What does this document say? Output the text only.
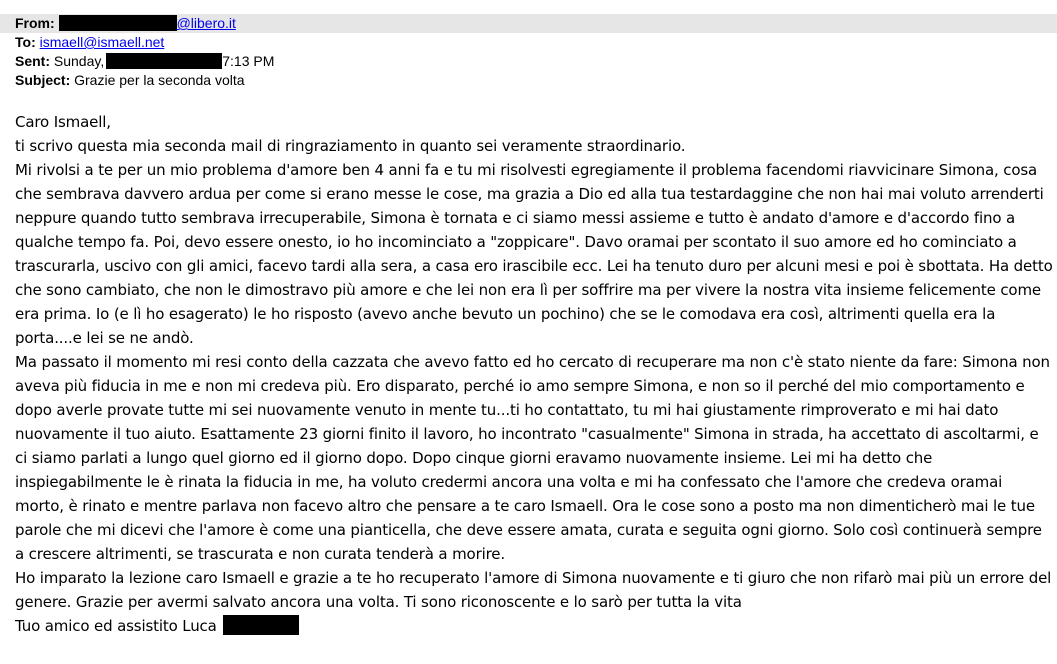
From:	@libero.it
To: ismaell@ismaell.net
Sent: Sunday,	7:13 PM
Subject: Grazie per la seconda volta

Caro Ismaell,

ti scrivo questa mia seconda mail di ringraziamento in quanto sei veramente straordinario.

Mi rivolsi a te per un mio problema d'amore ben 4 anni fa e tu mi risolvesti egregiamente il problema facendomi riavvicinare Simona, cosa che sembrava davvero ardua per come si erano messe le cose, ma grazia a Dio ed alla tua testardaggine che non hai mai voluto arrenderti neppure quando tutto sembrava irrecuperabile, Simona è tornata e ci siamo messi assieme e tutto è andato d'amore e d'accordo fino a qualche tempo fa. Poi, devo essere onesto, io ho incominciato a "zoppicare". Davo oramai per scontato il suo amore ed ho cominciato a trascurarla, uscivo con gli amici, facevo tardi alla sera, a casa ero irascibile ecc. Lei ha tenuto duro per alcuni mesi e poi è sbottata. Ha detto che sono cambiato, che non le dimostravo più amore e che lei non era lì per soffrire ma per vivere la nostra vita insieme felicemente come era prima. Io (e lì ho esagerato) le ho risposto (avevo anche bevuto un pochino) che se le comodava era così, altrimenti quella era la porta....e lei se ne andò.

Ma passato il momento mi resi conto della cazzata che avevo fatto ed ho cercato di recuperare ma non c'è stato niente da fare: Simona non aveva più fiducia in me e non mi credeva più. Ero disparato, perché io amo sempre Simona, e non so il perché del mio comportamento e dopo averle provate tutte mi sei nuovamente venuto in mente tu...ti ho contattato, tu mi hai giustamente rimproverato e mi hai dato nuovamente il tuo aiuto. Esattamente 23 giorni finito il lavoro, ho incontrato "casualmente" Simona in strada, ha accettato di ascoltarmi, e ci siamo parlati a lungo quel giorno ed il giorno dopo. Dopo cinque giorni eravamo nuovamente insieme. Lei mi ha detto che inspiegabilmente le è rinata la fiducia in me, ha voluto credermi ancora una volta e mi ha confessato che l'amore che credeva oramai morto, è rinato e mentre parlava non facevo altro che pensare a te caro Ismaell. Ora le cose sono a posto ma non dimenticherò mai le tue parole che mi dicevi che l'amore è come una pianticella, che deve essere amata, curata e seguita ogni giorno. Solo così continuerà sempre a crescere altrimenti, se trascurata e non curata tenderà a morire.

Ho imparato la lezione caro Ismaell e grazie a te ho recuperato l'amore di Simona nuovamente e ti giuro che non rifarò mai più un errore del genere. Grazie per avermi salvato ancora una volta. Ti sono riconoscente e lo sarò per tutta la vita

Tuo amico ed assistito Luca
